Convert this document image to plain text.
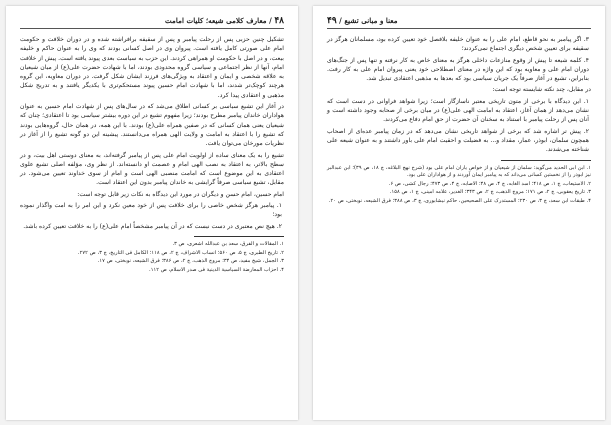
۴۸ / معارف کلامی شیعه؛ کلیات امامت

تشکیل چنین حزبی پس از رحلت پیامبر و پس از سقیفه برافراشته شده و در دوران خلافت و حکومت امام علی صورتی کامل یافته است. پیروان وی در اصل کسانی بودند که وی را به عنوان حاکم و خلیفه بیعت، و در اصل با حکومت او همراهی کردند. این حزب به سیاست بعدی پیوند یافته است. پیش از خلافت امام، آنها از نظر اجتماعی و سیاسی گروه محدودی بودند، اما با شهادت حضرت علی(ع) از میان شیعیان به علاقه شخصی و ایمان و اعتقاد به ویژگی‌های فرزند ایشان شکل گرفت. در دوران معاویه، این گروه هرچند کوچک‌تر شدند، اما با شهادت امام حسین پیوند مستحکم‌تری با یکدیگر یافتند و به تدریج شکل مذهبی و اعتقادی پیدا کرد.

در آغاز این تشیع سیاسی بر کسانی اطلاق می‌شد که در سال‌های پس از شهادت امام حسین به عنوان هواداران خاندان پیامبر مطرح بودند؛ زیرا مفهوم تشیع در این دوره بیشتر سیاسی بود تا اعتقادی؛ چنان که شیعیان یعنی همان کسانی که در صفین همراه علی(ع) بودند. با این همه، در همان حال، گروه‌هایی بودند که تشیع را با اعتقاد به امامت و ولایت الهی همراه می‌دانستند. پیشینه این دو گونه تشیع را از آغاز در نظریات مورخان می‌توان یافت.

تشیع را به یک معنای ساده از اولویت امام علی پس از پیامبر گرفته‌اند، به معنای دوستی اهل بیت، و در سطح بالاتر، به اعتقاد به نصب الهی امام و عصمت او دانسته‌اند. از نظر وی، مؤلفه اصلی تشیع علوی اعتقادی به این موضوع است که امامت منصبی الهی است و امام از سوی خداوند تعیین می‌شود. در مقابل، تشیع سیاسی صرفاً گرایشی به خاندان پیامبر بدون این اعتقاد است.

امام حسین، امام حسن و دیگران در مورد این دیدگاه به نکات زیر قابل توجه است:

۱. پیامبر هرگز شخص خاصی را برای خلافت پس از خود معین نکرد و این امر را به امت واگذار نموده بود؛

۲. هیچ نص معتبری در دست نیست که در آن پیامبر مشخصاً امام علی(ع) را به خلافت تعیین کرده باشد.

۱. المقالات و الفرق، سعد بن عبدالله اشعری، ص ۳.

۲. تاریخ الطبری، ج ۵، ص ۵۶۰؛ انساب الاشراف، ج ۲، ص ۱۱۸؛ الکامل فی التاریخ، ج ۳، ص ۲۷۲.

۳. الجمل، شیخ مفید، ص ۳۴؛ مروج الذهب، ج ۲، ص ۳۸۶؛ فرق الشیعه، نوبختی، ص ۱۷.

۴. احزاب المعارضة السیاسیة الدینیة فی صدر الاسلام، ص ۱۱۲.

معنا و مبانی تشیع / ۴۹

۳. اگر پیامبر به نحو قاطع، امام علی را به عنوان خلیفه بلافصل خود تعیین کرده بود، مسلمانان هرگز در سقیفه برای تعیین شخص دیگری اجتماع نمی‌کردند؛

۴. کلمه شیعه تا پیش از وقوع منازعات داخلی هرگز به معنای خاص به کار نرفته و تنها پس از جنگ‌های دوران امام علی و معاویه بود که این واژه در معنای اصطلاحی خود یعنی پیروان امام علی به کار رفت. بنابراین، تشیع در آغاز صرفاً یک جریان سیاسی بود که بعدها به مذهبی اعتقادی تبدیل شد.

در مقابل، چند نکته شایسته توجه است:

۱. این دیدگاه با برخی از متون تاریخی معتبر ناسازگار است؛ زیرا شواهد فراوانی در دست است که نشان می‌دهد از همان آغاز، اعتقاد به امامت الهی علی(ع) در میان برخی از صحابه وجود داشته است و آنان پس از رحلت پیامبر با استناد به سخنان آن حضرت از حق امام دفاع می‌کردند.

۲. پیش تر اشاره شد که برخی از شواهد تاریخی نشان می‌دهد که در زمان پیامبر عده‌ای از اصحاب همچون سلمان، ابوذر، عمار، مقداد و... به فضیلت و احقیت امام علی باور داشتند و به عنوان شیعه علی شناخته می‌شدند.

۱. ابن ابی الحدید می‌گوید: سلمان از شیعیان و از خواص یاران امام علی بود (شرح نهج البلاغه، ج ۱۸، ص ۳۹)؛ ابن عبدالبر نیز ابوذر را از نخستین کسانی می‌داند که به پیامبر ایمان آوردند و از هواداران علی بود.

۲. الاستیعاب، ج ۱، ص ۴۱۸؛ اسد الغابه، ج ۴، ص ۴۸؛ الاصابه، ج ۴، ص ۴۷۳؛ رجال کشی، ص ۶.

۳. تاریخ یعقوبی، ج ۲، ص ۱۷۱؛ مروج الذهب، ج ۲، ص ۳۴۳؛ الغدیر، علامه امینی، ج ۱، ص ۱۵۸.

۴. طبقات ابن سعد، ج ۳، ص ۲۳۰؛ المستدرک علی الصحیحین، حاکم نیشابوری، ج ۳، ص ۳۸۸؛ فرق الشیعه، نوبختی، ص ۲۰.
